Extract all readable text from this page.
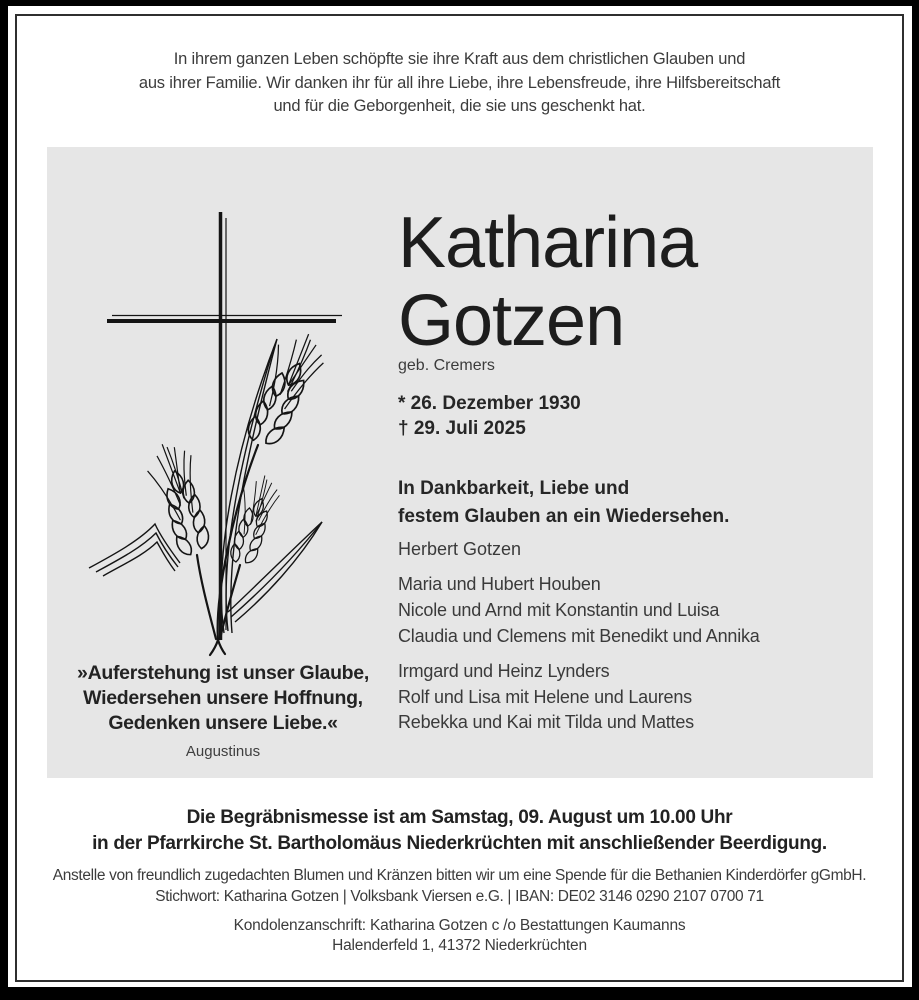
In ihrem ganzen Leben schöpfte sie ihre Kraft aus dem christlichen Glauben und
aus ihrer Familie. Wir danken ihr für all ihre Liebe, ihre Lebensfreude, ihre Hilfsbereitschaft
und für die Geborgenheit, die sie uns geschenkt hat.
Katharina
Gotzen
geb. Cremers
* 26. Dezember 1930
† 29. Juli 2025
In Dankbarkeit, Liebe und
festem Glauben an ein Wiedersehen.
Herbert Gotzen
Maria und Hubert Houben
Nicole und Arnd mit Konstantin und Luisa
Claudia und Clemens mit Benedikt und Annika
Irmgard und Heinz Lynders
Rolf und Lisa mit Helene und Laurens
Rebekka und Kai mit Tilda und Mattes
»Auferstehung ist unser Glaube,
Wiedersehen unsere Hoffnung,
Gedenken unsere Liebe.«
Augustinus
Die Begräbnismesse ist am Samstag, 09. August um 10.00 Uhr
in der Pfarrkirche St. Bartholomäus Niederkrüchten mit anschließender Beerdigung.
Anstelle von freundlich zugedachten Blumen und Kränzen bitten wir um eine Spende für die Bethanien Kinderdörfer gGmbH.
Stichwort: Katharina Gotzen | Volksbank Viersen e.G. | IBAN: DE02 3146 0290 2107 0700 71
Kondolenzanschrift: Katharina Gotzen c /o Bestattungen Kaumanns
Halenderfeld 1, 41372 Niederkrüchten
